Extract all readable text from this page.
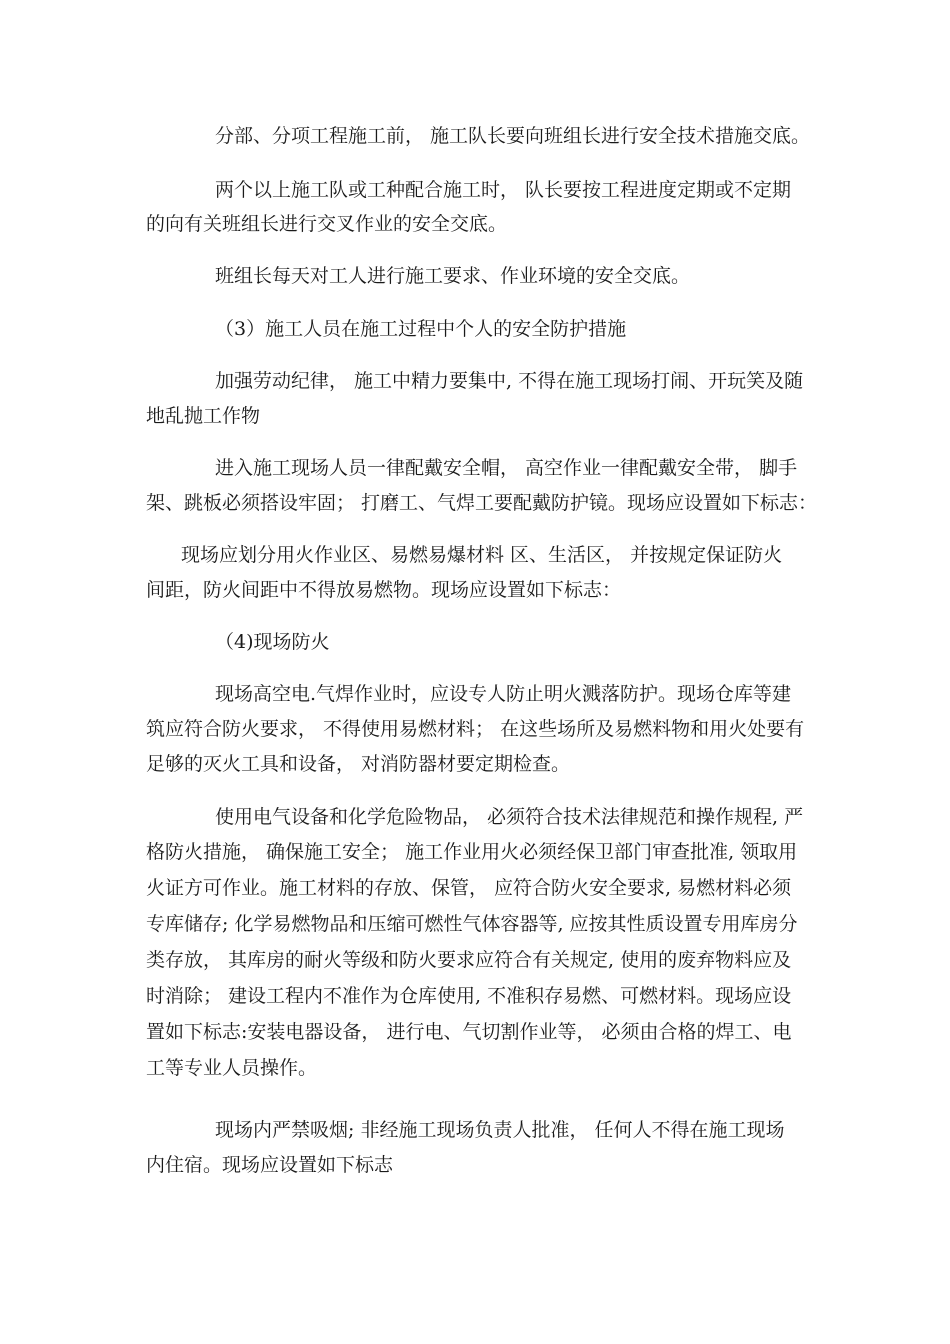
分部、分项工程施工前， 施工队长要向班组长进行安全技术措施交底。

两个以上施工队或工种配合施工时， 队长要按工程进度定期或不定期

的向有关班组长进行交叉作业的安全交底。

班组长每天对工人进行施工要求、作业环境的安全交底。

（3）施工人员在施工过程中个人的安全防护措施

加强劳动纪律， 施工中精力要集中, 不得在施工现场打闹、开玩笑及随

地乱抛工作物

进入施工现场人员一律配戴安全帽， 高空作业一律配戴安全带， 脚手

架、跳板必须搭设牢固； 打磨工、气焊工要配戴防护镜。现场应设置如下标志：

现场应划分用火作业区、易燃易爆材料 区、生活区， 并按规定保证防火

间距，防火间距中不得放易燃物。现场应设置如下标志：

（4)现场防火

现场高空电.气焊作业时，应设专人防止明火溅落防护。现场仓库等建

筑应符合防火要求， 不得使用易燃材料； 在这些场所及易燃料物和用火处要有

足够的灭火工具和设备， 对消防器材要定期检查。

使用电气设备和化学危险物品， 必须符合技术法律规范和操作规程, 严

格防火措施， 确保施工安全； 施工作业用火必须经保卫部门审查批准, 领取用

火证方可作业。施工材料的存放、保管， 应符合防火安全要求, 易燃材料必须

专库储存; 化学易燃物品和压缩可燃性气体容器等, 应按其性质设置专用库房分

类存放， 其库房的耐火等级和防火要求应符合有关规定, 使用的废弃物料应及

时消除； 建设工程内不准作为仓库使用, 不准积存易燃、可燃材料。现场应设

置如下标志:安装电器设备， 进行电、气切割作业等， 必须由合格的焊工、电

工等专业人员操作。

现场内严禁吸烟; 非经施工现场负责人批准， 任何人不得在施工现场

内住宿。现场应设置如下标志
